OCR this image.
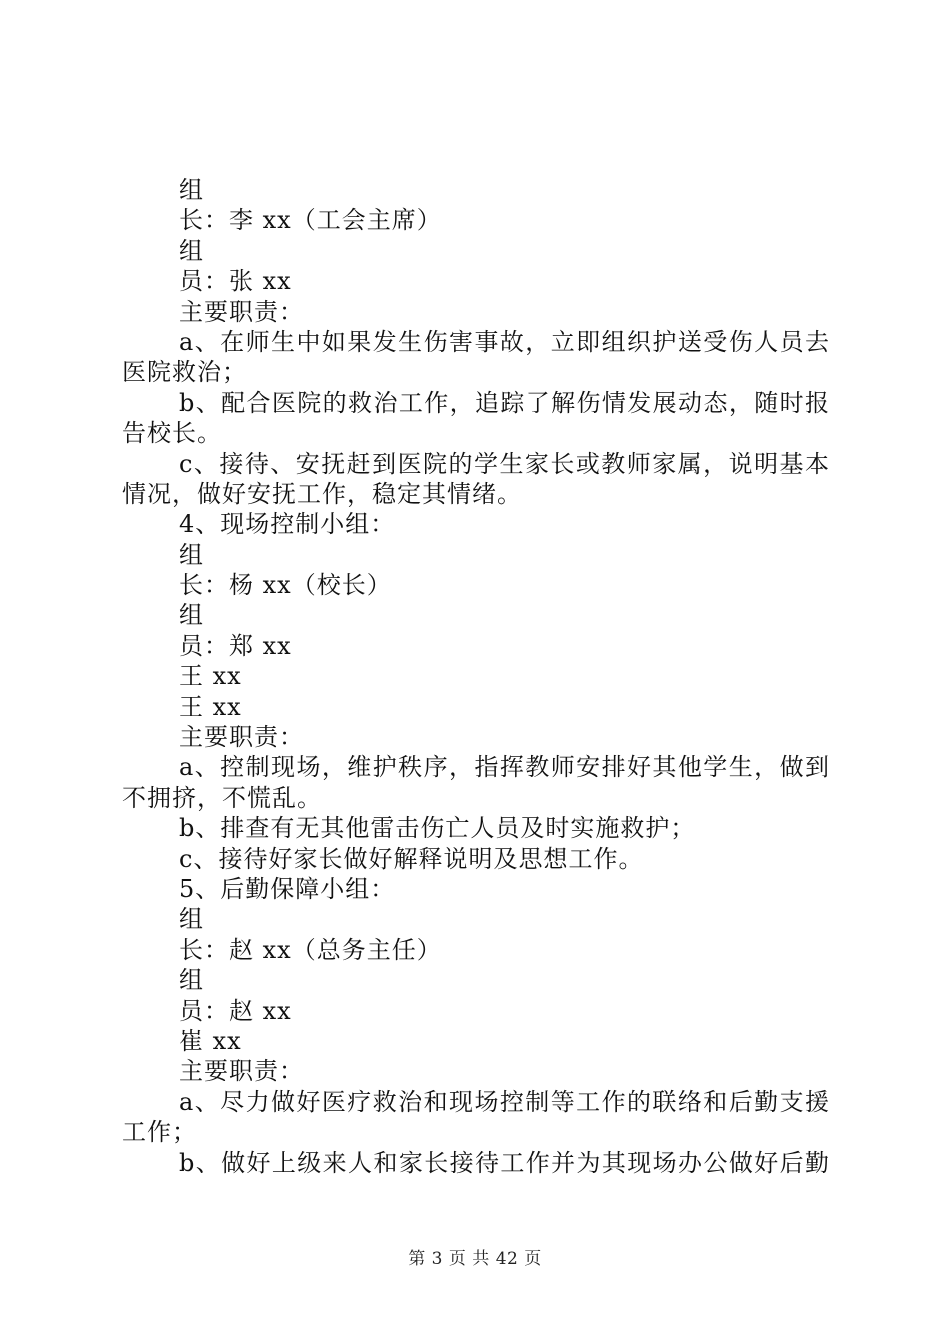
组
长：李 xx（工会主席）
组
员：张 xx
主要职责：
a、在师生中如果发生伤害事故，立即组织护送受伤人员去
医院救治；
b、配合医院的救治工作，追踪了解伤情发展动态，随时报
告校长。
c、接待、安抚赶到医院的学生家长或教师家属，说明基本
情况，做好安抚工作，稳定其情绪。
4、现场控制小组：
组
长：杨 xx（校长）
组
员：郑 xx
王 xx
王 xx
主要职责：
a、控制现场，维护秩序，指挥教师安排好其他学生，做到
不拥挤，不慌乱。
b、排查有无其他雷击伤亡人员及时实施救护；
c、接待好家长做好解释说明及思想工作。
5、后勤保障小组：
组
长：赵 xx（总务主任）
组
员：赵 xx
崔 xx
主要职责：
a、尽力做好医疗救治和现场控制等工作的联络和后勤支援
工作；
b、做好上级来人和家长接待工作并为其现场办公做好后勤
第 3 页 共 42 页
